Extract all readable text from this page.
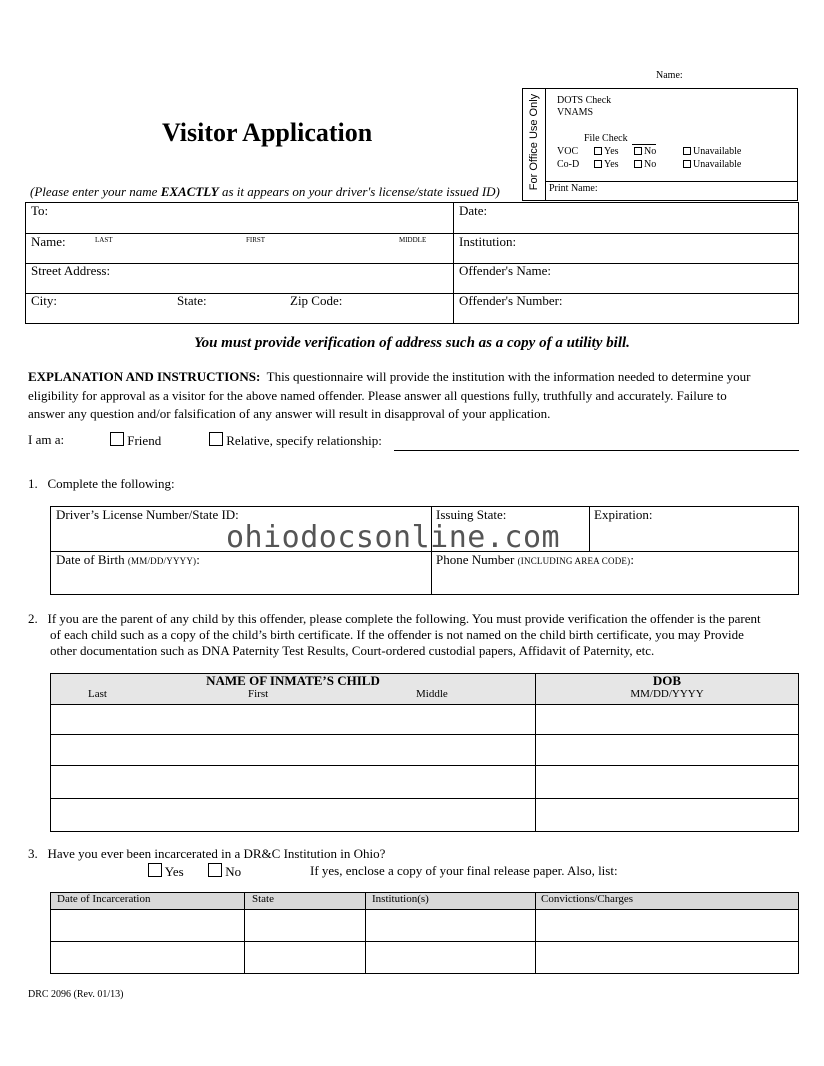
Name:
For Office Use Only DOTS Check
VNAMS
File Check
VOC	Yes	No	Unavailable
Co-D	Yes	No	Unavailable
Print Name:
Visitor Application
(Please enter your name EXACTLY as it appears on your driver's license/state issued ID)
To:	Date:
Name:	LAST	FIRST	MIDDLE	Institution:
Street Address:	Offender's Name:
City:	State:	Zip Code:	Offender's Number:
You must provide verification of address such as a copy of a utility bill.
EXPLANATION AND INSTRUCTIONS: This questionnaire will provide the institution with the information needed to determine your
eligibility for approval as a visitor for the above named offender. Please answer all questions fully, truthfully and accurately. Failure to
answer any question and/or falsification of any answer will result in disapproval of your application.
I am a:	Friend	Relative, specify relationship:
1.   Complete the following:
Driver’s License Number/State ID:	Issuing State:	Expiration:
Date of Birth (MM/DD/YYYY):	Phone Number (INCLUDING AREA CODE):
ohiodocsonline.com
2.   If you are the parent of any child by this offender, please complete the following. You must provide verification the offender is the parent
of each child such as a copy of the child’s birth certificate. If the offender is not named on the child birth certificate, you may Provide
other documentation such as DNA Paternity Test Results, Court-ordered custodial papers, Affidavit of Paternity, etc.
NAME OF INMATE’S CHILD
Last	First	Middle
DOB
MM/DD/YYYY
3.   Have you ever been incarcerated in a DR&C Institution in Ohio?
Yes	No	If yes, enclose a copy of your final release paper. Also, list:
Date of Incarceration	State	Institution(s)	Convictions/Charges
DRC 2096 (Rev. 01/13)
